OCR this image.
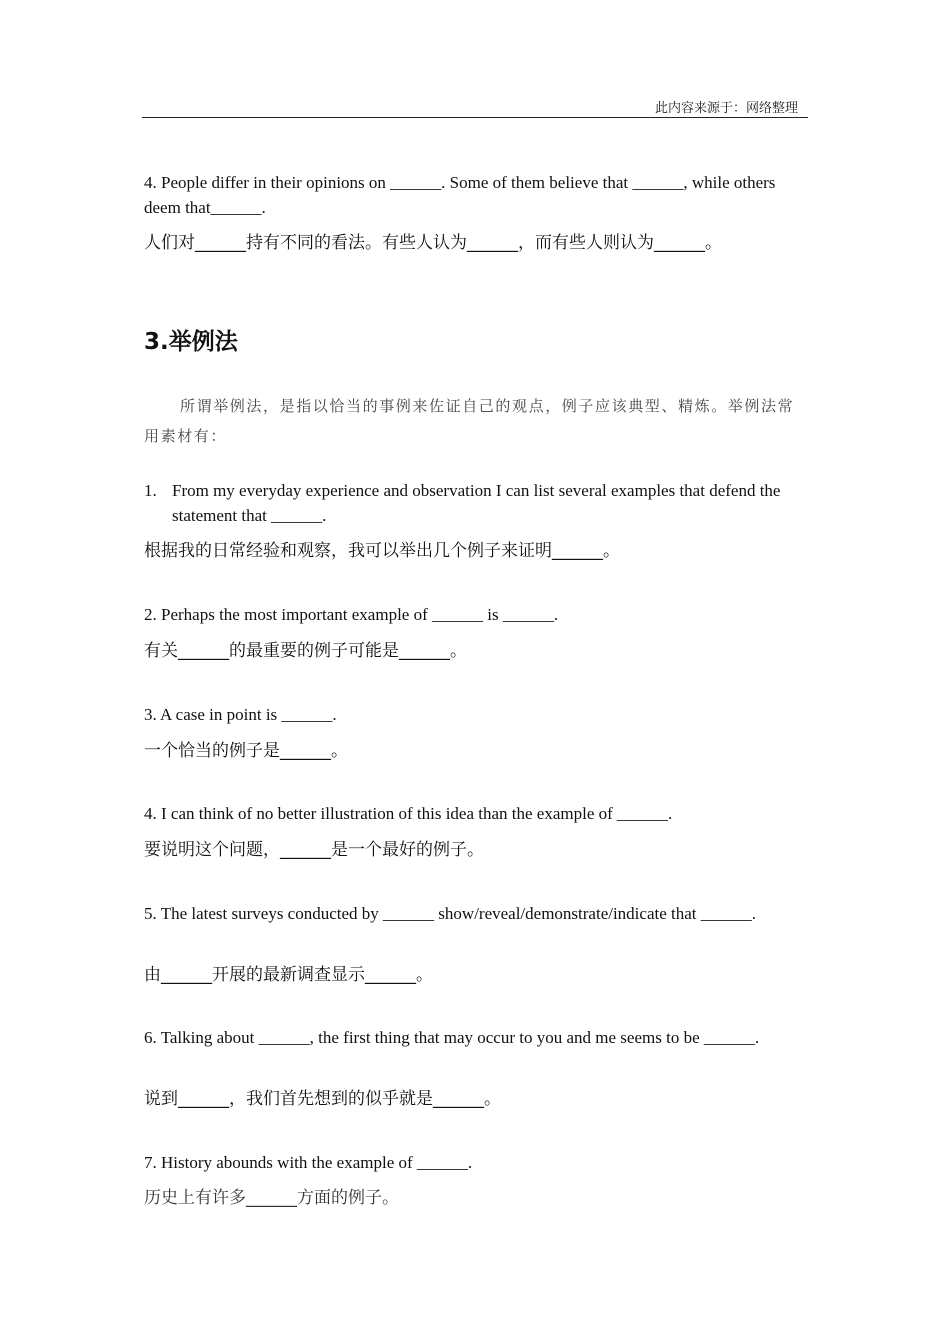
此内容来源于：网络整理
4. People differ in their opinions on ______. Some of them believe that ______, while others deem that______.
人们对______持有不同的看法。有些人认为______，而有些人则认为______。
3.举例法
所谓举例法，是指以恰当的事例来佐证自己的观点，例子应该典型、精炼。举例法常用素材有：
1. From my everyday experience and observation I can list several examples that defend the statement that ______.
根据我的日常经验和观察，我可以举出几个例子来证明______。
2. Perhaps the most important example of ______ is ______.
有关______的最重要的例子可能是______。
3. A case in point is ______.
一个恰当的例子是______。
4. I can think of no better illustration of this idea than the example of ______.
要说明这个问题，______是一个最好的例子。
5. The latest surveys conducted by ______ show/reveal/demonstrate/indicate that ______.
由______开展的最新调查显示______。
6. Talking about ______, the first thing that may occur to you and me seems to be ______.
说到______，我们首先想到的似乎就是______。
7. History abounds with the example of ______.
历史上有许多______方面的例子。
